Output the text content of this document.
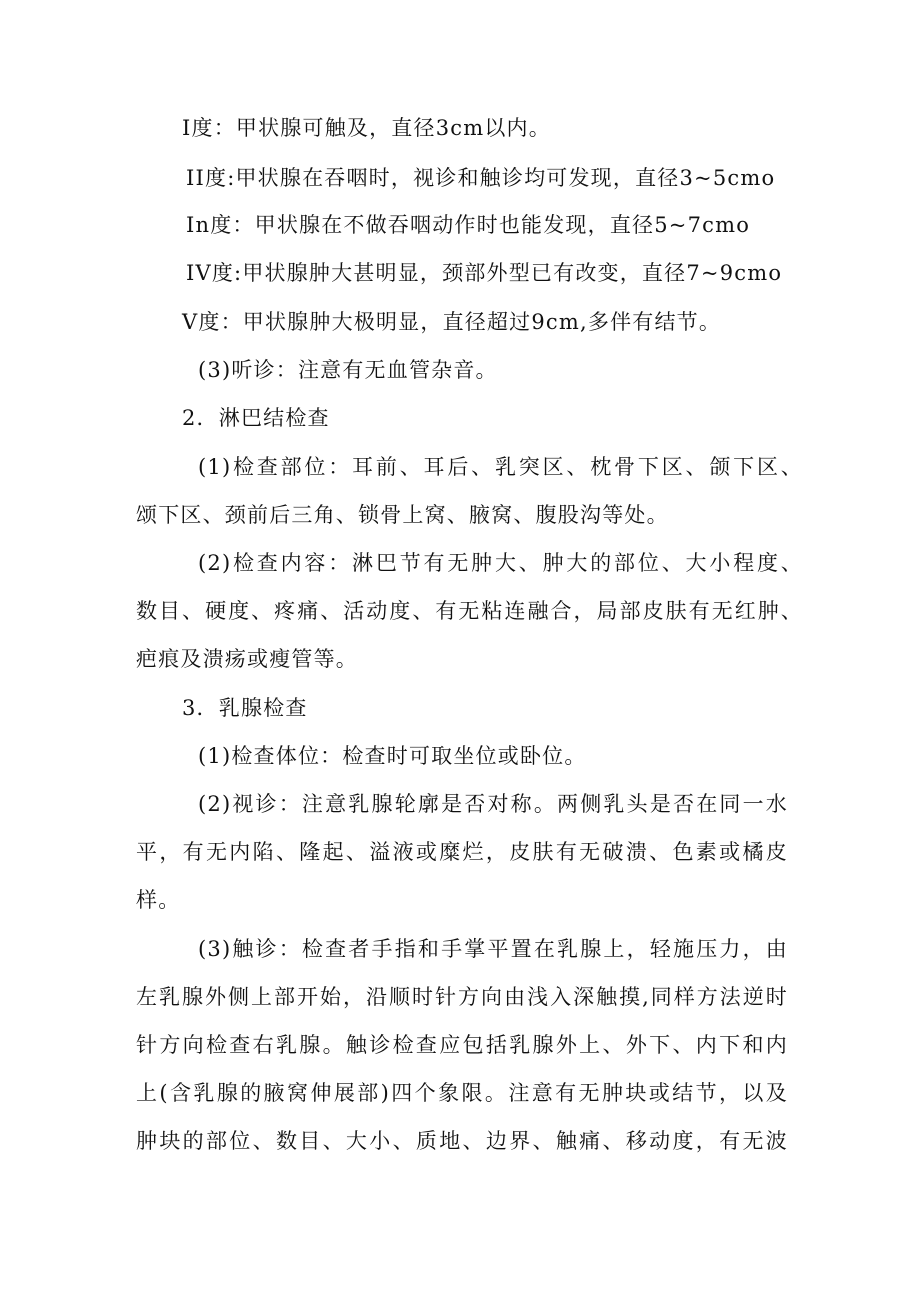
Ⅰ度：甲状腺可触及，直径3cm以内。
II度:甲状腺在吞咽时，视诊和触诊均可发现，直径3~5cmo
In度：甲状腺在不做吞咽动作时也能发现，直径5~7cmo
IV度:甲状腺肿大甚明显，颈部外型已有改变，直径7~9cmo
V度：甲状腺肿大极明显，直径超过9cm,多伴有结节。
(3)听诊：注意有无血管杂音。
2．淋巴结检查
(1)检查部位：耳前、耳后、乳突区、枕骨下区、颌下区、
颂下区、颈前后三角、锁骨上窝、腋窝、腹股沟等处。
(2)检查内容：淋巴节有无肿大、肿大的部位、大小程度、
数目、硬度、疼痛、活动度、有无粘连融合，局部皮肤有无红肿、
疤痕及溃疡或瘦管等。
3．乳腺检查
(1)检查体位：检查时可取坐位或卧位。
(2)视诊：注意乳腺轮廓是否对称。两侧乳头是否在同一水
平，有无内陷、隆起、溢液或糜烂，皮肤有无破溃、色素或橘皮
样。
(3)触诊：检查者手指和手掌平置在乳腺上，轻施压力，由
左乳腺外侧上部开始，沿顺时针方向由浅入深触摸,同样方法逆时
针方向检查右乳腺。触诊检查应包括乳腺外上、外下、内下和内
上(含乳腺的腋窝伸展部)四个象限。注意有无肿块或结节，以及
肿块的部位、数目、大小、质地、边界、触痛、移动度，有无波
